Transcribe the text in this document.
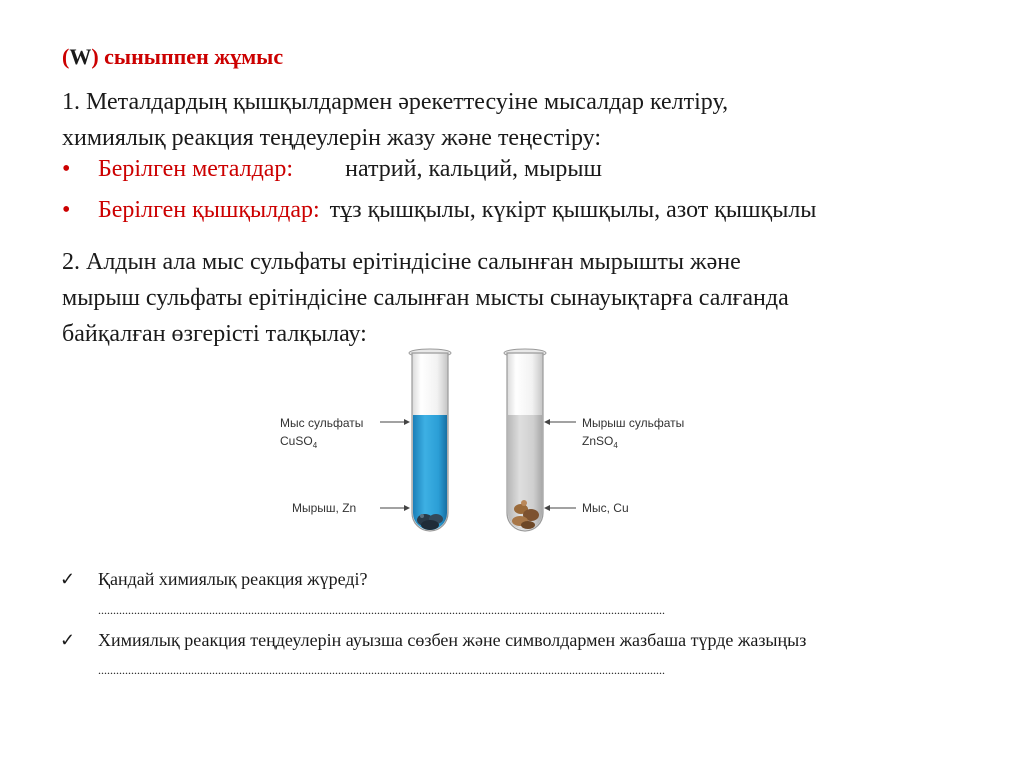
(W) сыныппен жұмыс
1. Металдардың қышқылдармен әрекеттесуіне мысалдар келтіру,
химиялық реакция теңдеулерін жазу және теңестіру:
• Берілген металдар: натрий, кальций, мырыш
• Берілген қышқылдар: тұз қышқылы, күкірт қышқылы, азот қышқылы
2. Алдын ала мыс сульфаты ерітіндісіне салынған мырышты және
мырыш сульфаты ерітіндісіне салынған мысты сынауықтарға салғанда
байқалған өзгерісті талқылау:
Мыс сульфаты
CuSO$_4$
Мырыш, Zn
Мырыш сульфаты
ZnSO$_4$
Мыс, Cu
✓ Қандай химиялық реакция жүреді?
.............................................................................................................................................................................................
✓ Химиялық реакция теңдеулерін ауызша сөзбен және символдармен жазбаша түрде жазыңыз
.............................................................................................................................................................................................
